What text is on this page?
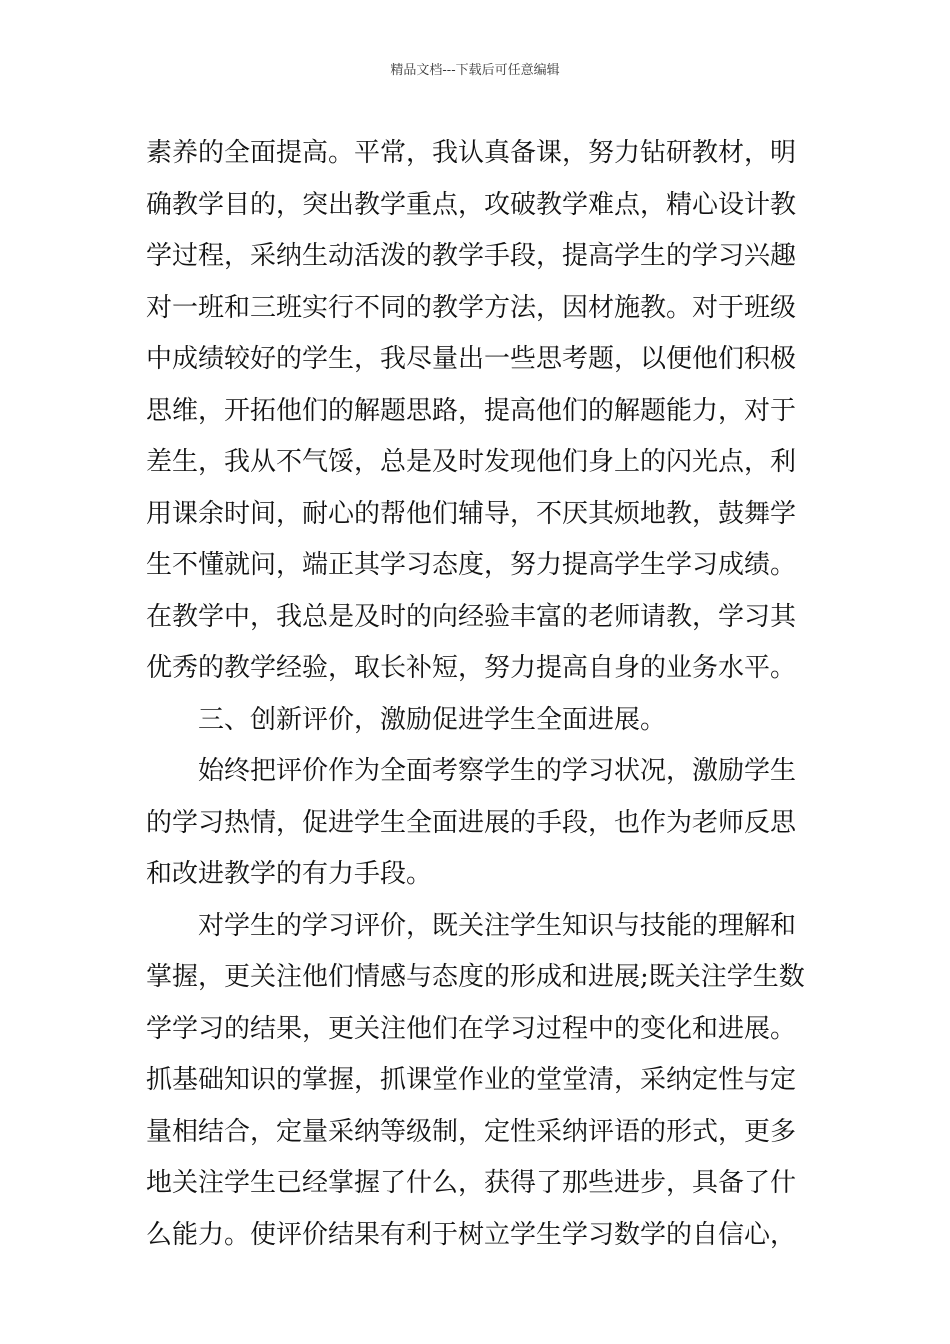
精品文档---下载后可任意编辑
素养的全面提高。平常，我认真备课，努力钻研教材，明
确教学目的，突出教学重点，攻破教学难点，精心设计教
学过程，采纳生动活泼的教学手段，提高学生的学习兴趣
对一班和三班实行不同的教学方法，因材施教。对于班级
中成绩较好的学生，我尽量出一些思考题，以便他们积极
思维，开拓他们的解题思路，提高他们的解题能力，对于
差生，我从不气馁，总是及时发现他们身上的闪光点，利
用课余时间，耐心的帮他们辅导，不厌其烦地教，鼓舞学
生不懂就问，端正其学习态度，努力提高学生学习成绩。
在教学中，我总是及时的向经验丰富的老师请教，学习其
优秀的教学经验，取长补短，努力提高自身的业务水平。
三、创新评价，激励促进学生全面进展。
始终把评价作为全面考察学生的学习状况，激励学生
的学习热情，促进学生全面进展的手段，也作为老师反思
和改进教学的有力手段。
对学生的学习评价，既关注学生知识与技能的理解和
掌握，更关注他们情感与态度的形成和进展;既关注学生数
学学习的结果，更关注他们在学习过程中的变化和进展。
抓基础知识的掌握，抓课堂作业的堂堂清，采纳定性与定
量相结合，定量采纳等级制，定性采纳评语的形式，更多
地关注学生已经掌握了什么，获得了那些进步，具备了什
么能力。使评价结果有利于树立学生学习数学的自信心，
